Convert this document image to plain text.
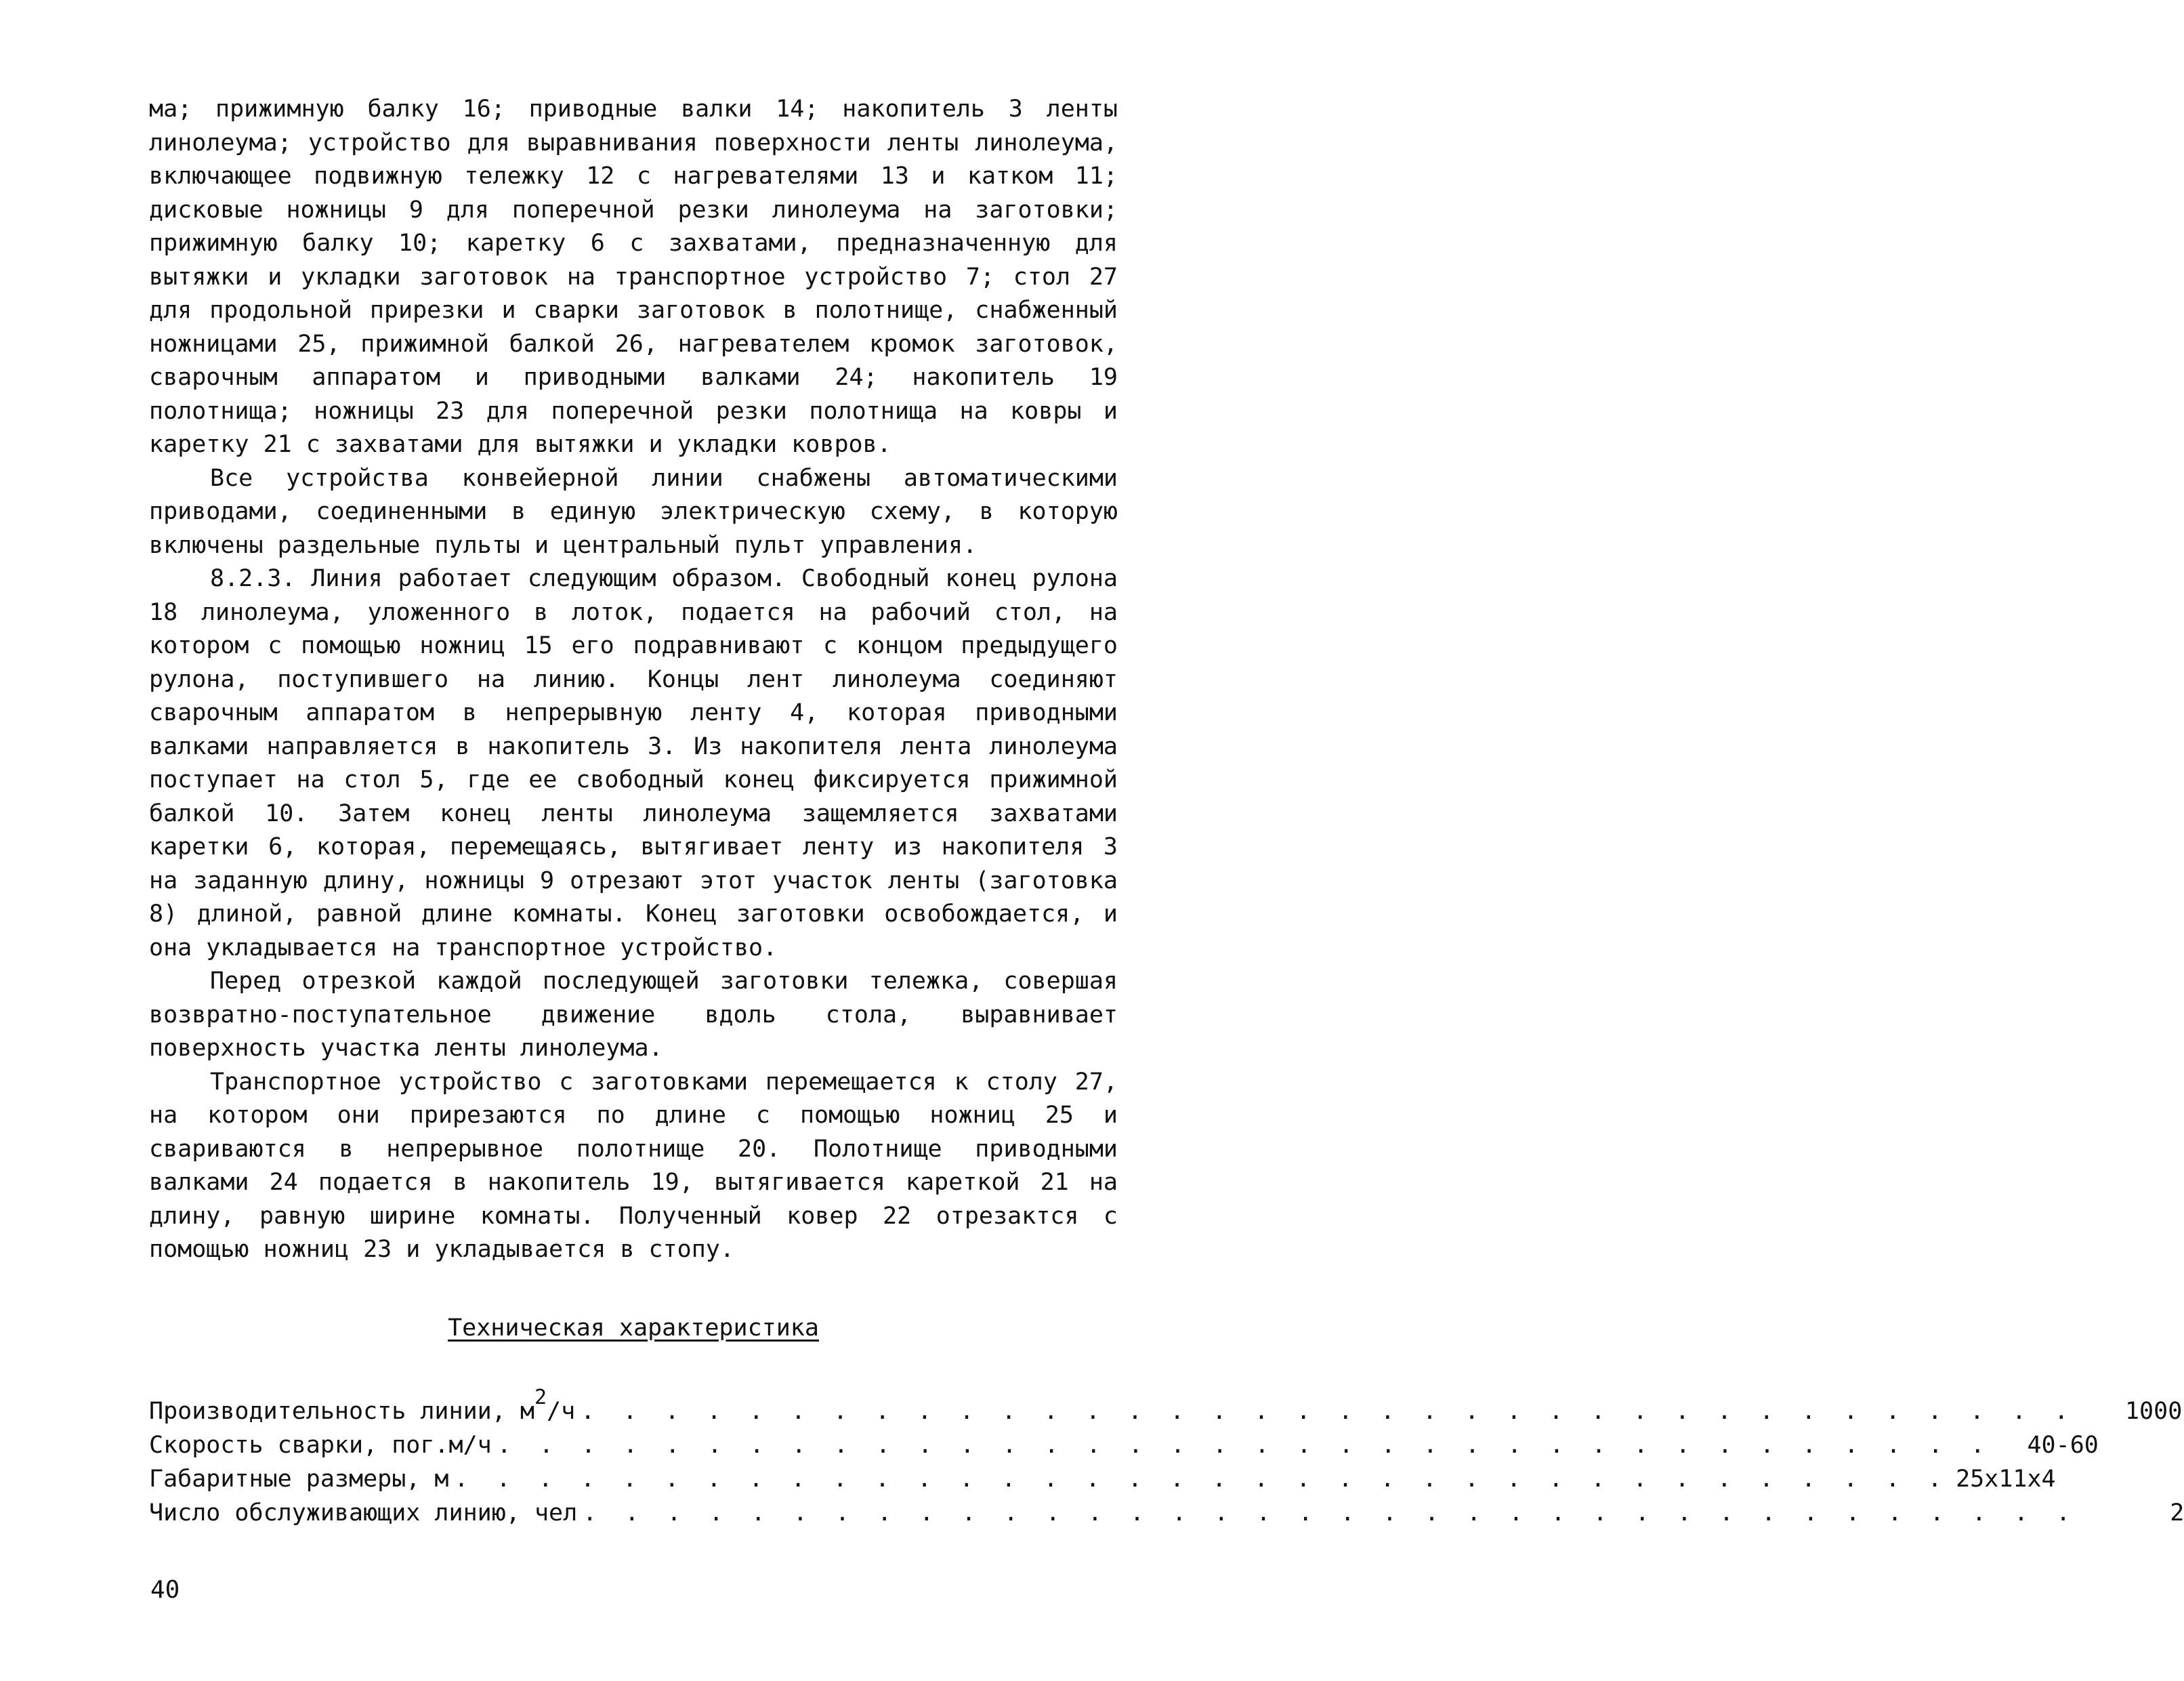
ма; прижимную балку 16; приводные валки 14; накопитель 3 ленты линолеума; устройство для выравнивания поверхности ленты линолеума, включающее подвижную тележку 12 с нагревателями 13 и катком 11; дисковые ножницы 9 для поперечной резки линолеума на заготовки; прижимную балку 10; каретку 6 с захватами, предназначенную для вытяжки и укладки заготовок на транспортное устройство 7; стол 27 для продольной прирезки и сварки заготовок в полотнище, снабженный ножницами 25, прижимной балкой 26, нагревателем кромок заготовок, сварочным аппаратом и приводными валками 24; накопитель 19 полотнища; ножницы 23 для поперечной резки полотнища на ковры и каретку 21 с захватами для вытяжки и укладки ковров.

Все устройства конвейерной линии снабжены автоматическими приводами, соединенными в единую электрическую схему, в которую включены раздельные пульты и центральный пульт управления.

8.2.3. Линия работает следующим образом. Свободный конец рулона 18 линолеума, уложенного в лоток, подается на рабочий стол, на котором с помощью ножниц 15 его подравнивают с концом предыдущего рулона, поступившего на линию. Концы лент линолеума соединяют сварочным аппаратом в непрерывную ленту 4, которая приводными валками направляется в накопитель 3. Из накопителя лента линолеума поступает на стол 5, где ее свободный конец фиксируется прижимной балкой 10. Затем конец ленты линолеума защемляется захватами каретки 6, которая, перемещаясь, вытягивает ленту из накопителя 3 на заданную длину, ножницы 9 отрезают этот участок ленты (заготовка 8) длиной, равной длине комнаты. Конец заготовки освобождается, и она укладывается на транспортное устройство.

Перед отрезкой каждой последующей заготовки тележка, совершая возвратно-поступательное движение вдоль стола, выравнивает поверхность участка ленты линолеума.

Транспортное устройство с заготовками перемещается к столу 27, на котором они прирезаются по длине с помощью ножниц 25 и свариваются в непрерывное полотнище 20. Полотнище приводными валками 24 подается в накопитель 19, вытягивается кареткой 21 на длину, равную ширине комнаты. Полученный ковер 22 отрезактся с помощью ножниц 23 и укладывается в стопу.

Техническая характеристика
Производительность линии, $м^2/ч$ . . . . . . . . . . . . . . . . . . . . . . . . . . . . . . . . . . . .	1000
Скорость сварки, пог.м/ч . . . . . . . . . . . . . . . . . . . . . . . . . . . . . . . . . . . .	40-60
Габаритные размеры, м . . . . . . . . . . . . . . . . . . . . . . . . . . . . . . . . . . . . 25x11x4
Число обслуживающих линию, чел . . . . . . . . . . . . . . . . . . . . . . . . . . . . . . . . . . . .	2
40
